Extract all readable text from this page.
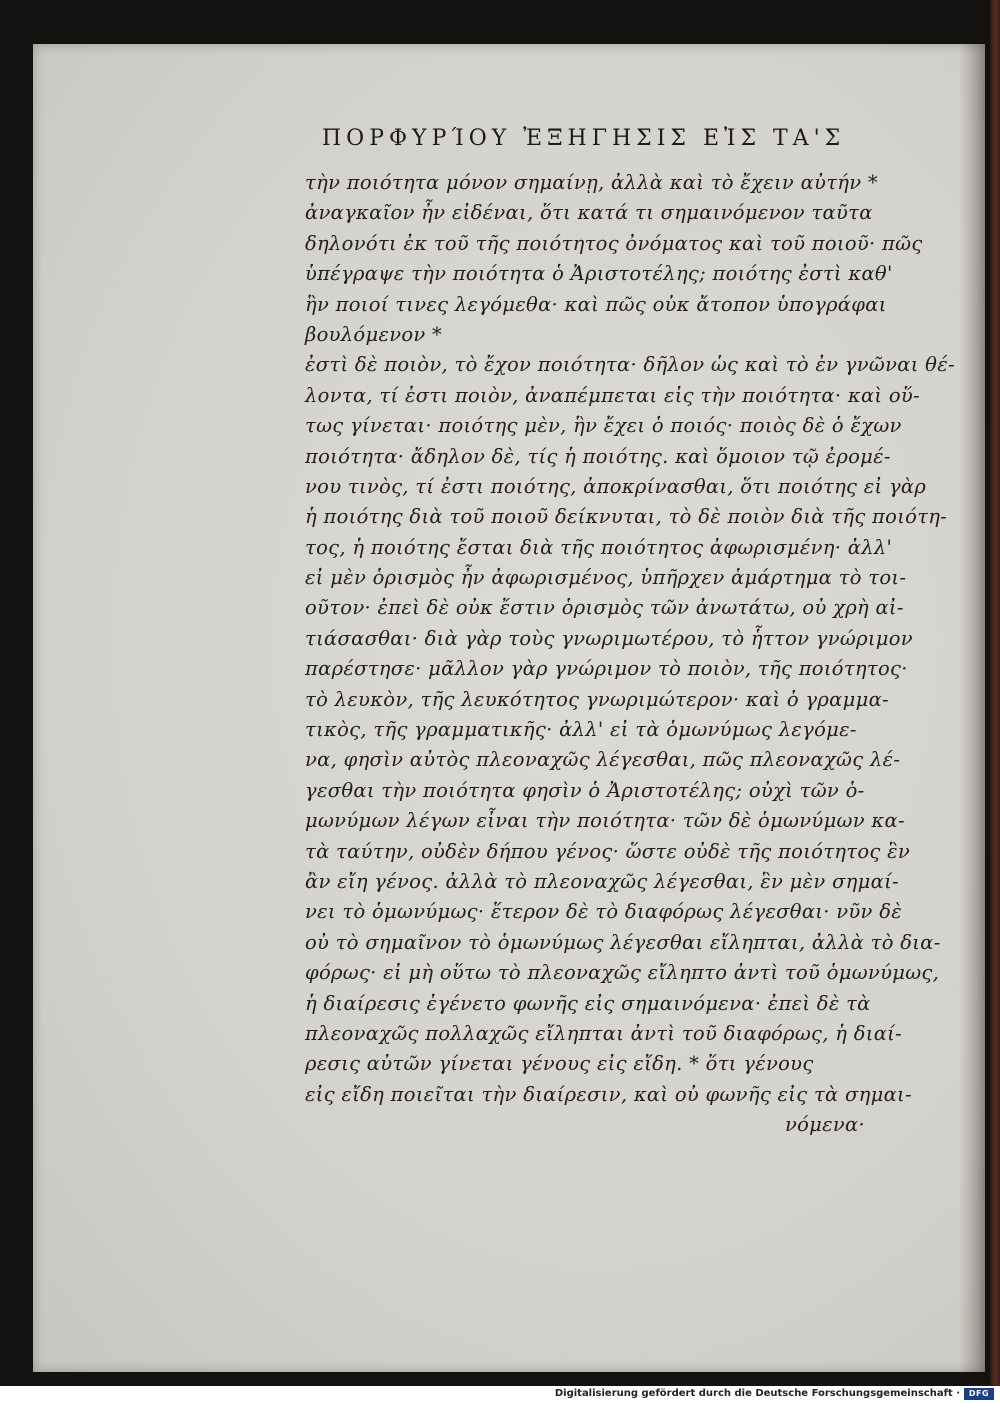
ΠΟΡΦΥΡΊΟΥ ἘΞΗΓΗΣΙΣ ΕἸΣ ΤΑ'Σ
τὴν ποιότητα μόνον σημαίνῃ, ἀλλὰ καὶ τὸ ἔχειν αὐτήν *
ἀναγκαῖον ἦν εἰδέναι, ὅτι κατά τι σημαινόμενον ταῦτα
δηλονότι ἐκ τοῦ τῆς ποιότητος ὀνόματος καὶ τοῦ ποιοῦ· πῶς
ὑπέγραψε τὴν ποιότητα ὁ Ἀριστοτέλης; ποιότης ἐστὶ καθ'
ἣν ποιοί τινες λεγόμεθα· καὶ πῶς οὐκ ἄτοπον ὑπογράφαι
βουλόμενον *
ἐστὶ δὲ ποιὸν, τὸ ἔχον ποιότητα· δῆλον ὡς καὶ τὸ ἐν γνῶναι θέ-
λοντα, τί ἐστι ποιὸν, ἀναπέμπεται εἰς τὴν ποιότητα· καὶ οὕ-
τως γίνεται· ποιότης μὲν, ἣν ἔχει ὁ ποιός· ποιὸς δὲ ὁ ἔχων
ποιότητα· ἄδηλον δὲ, τίς ἡ ποιότης. καὶ ὅμοιον τῷ ἐρομέ-
νου τινὸς, τί ἐστι ποιότης, ἀποκρίνασθαι, ὅτι ποιότης εἰ γὰρ
ἡ ποιότης διὰ τοῦ ποιοῦ δείκνυται, τὸ δὲ ποιὸν διὰ τῆς ποιότη-
τος, ἡ ποιότης ἔσται διὰ τῆς ποιότητος ἀφωρισμένη· ἀλλ'
εἰ μὲν ὁρισμὸς ἦν ἀφωρισμένος, ὑπῆρχεν ἁμάρτημα τὸ τοι-
οῦτον· ἐπεὶ δὲ οὐκ ἔστιν ὁρισμὸς τῶν ἀνωτάτω, οὐ χρὴ αἰ-
τιάσασθαι· διὰ γὰρ τοὺς γνωριμωτέρου, τὸ ἧττον γνώριμον
παρέστησε· μᾶλλον γὰρ γνώριμον τὸ ποιὸν, τῆς ποιότητος·
τὸ λευκὸν, τῆς λευκότητος γνωριμώτερον· καὶ ὁ γραμμα-
τικὸς, τῆς γραμματικῆς· ἀλλ' εἰ τὰ ὁμωνύμως λεγόμε-
να, φησὶν αὐτὸς πλεοναχῶς λέγεσθαι, πῶς πλεοναχῶς λέ-
γεσθαι τὴν ποιότητα φησὶν ὁ Ἀριστοτέλης; οὐχὶ τῶν ὁ-
μωνύμων λέγων εἶναι τὴν ποιότητα· τῶν δὲ ὁμωνύμων κα-
τὰ ταύτην, οὐδὲν δήπου γένος· ὥστε οὐδὲ τῆς ποιότητος ἓν
ἂν εἴη γένος. ἀλλὰ τὸ πλεοναχῶς λέγεσθαι, ἓν μὲν σημαί-
νει τὸ ὁμωνύμως· ἕτερον δὲ τὸ διαφόρως λέγεσθαι· νῦν δὲ
οὐ τὸ σημαῖνον τὸ ὁμωνύμως λέγεσθαι εἴληπται, ἀλλὰ τὸ δια-
φόρως· εἰ μὴ οὕτω τὸ πλεοναχῶς εἴληπτο ἀντὶ τοῦ ὁμωνύμως,
ἡ διαίρεσις ἐγένετο φωνῆς εἰς σημαινόμενα· ἐπεὶ δὲ τὰ
πλεοναχῶς πολλαχῶς εἴληπται ἀντὶ τοῦ διαφόρως, ἡ διαί-
ρεσις αὐτῶν γίνεται γένους εἰς εἴδη. * ὅτι γένους
εἰς εἴδη ποιεῖται τὴν διαίρεσιν, καὶ οὐ φωνῆς εἰς τὰ σημαι-
νόμενα·
Digitalisierung gefördert durch die Deutsche Forschungsgemeinschaft ·	DFG
